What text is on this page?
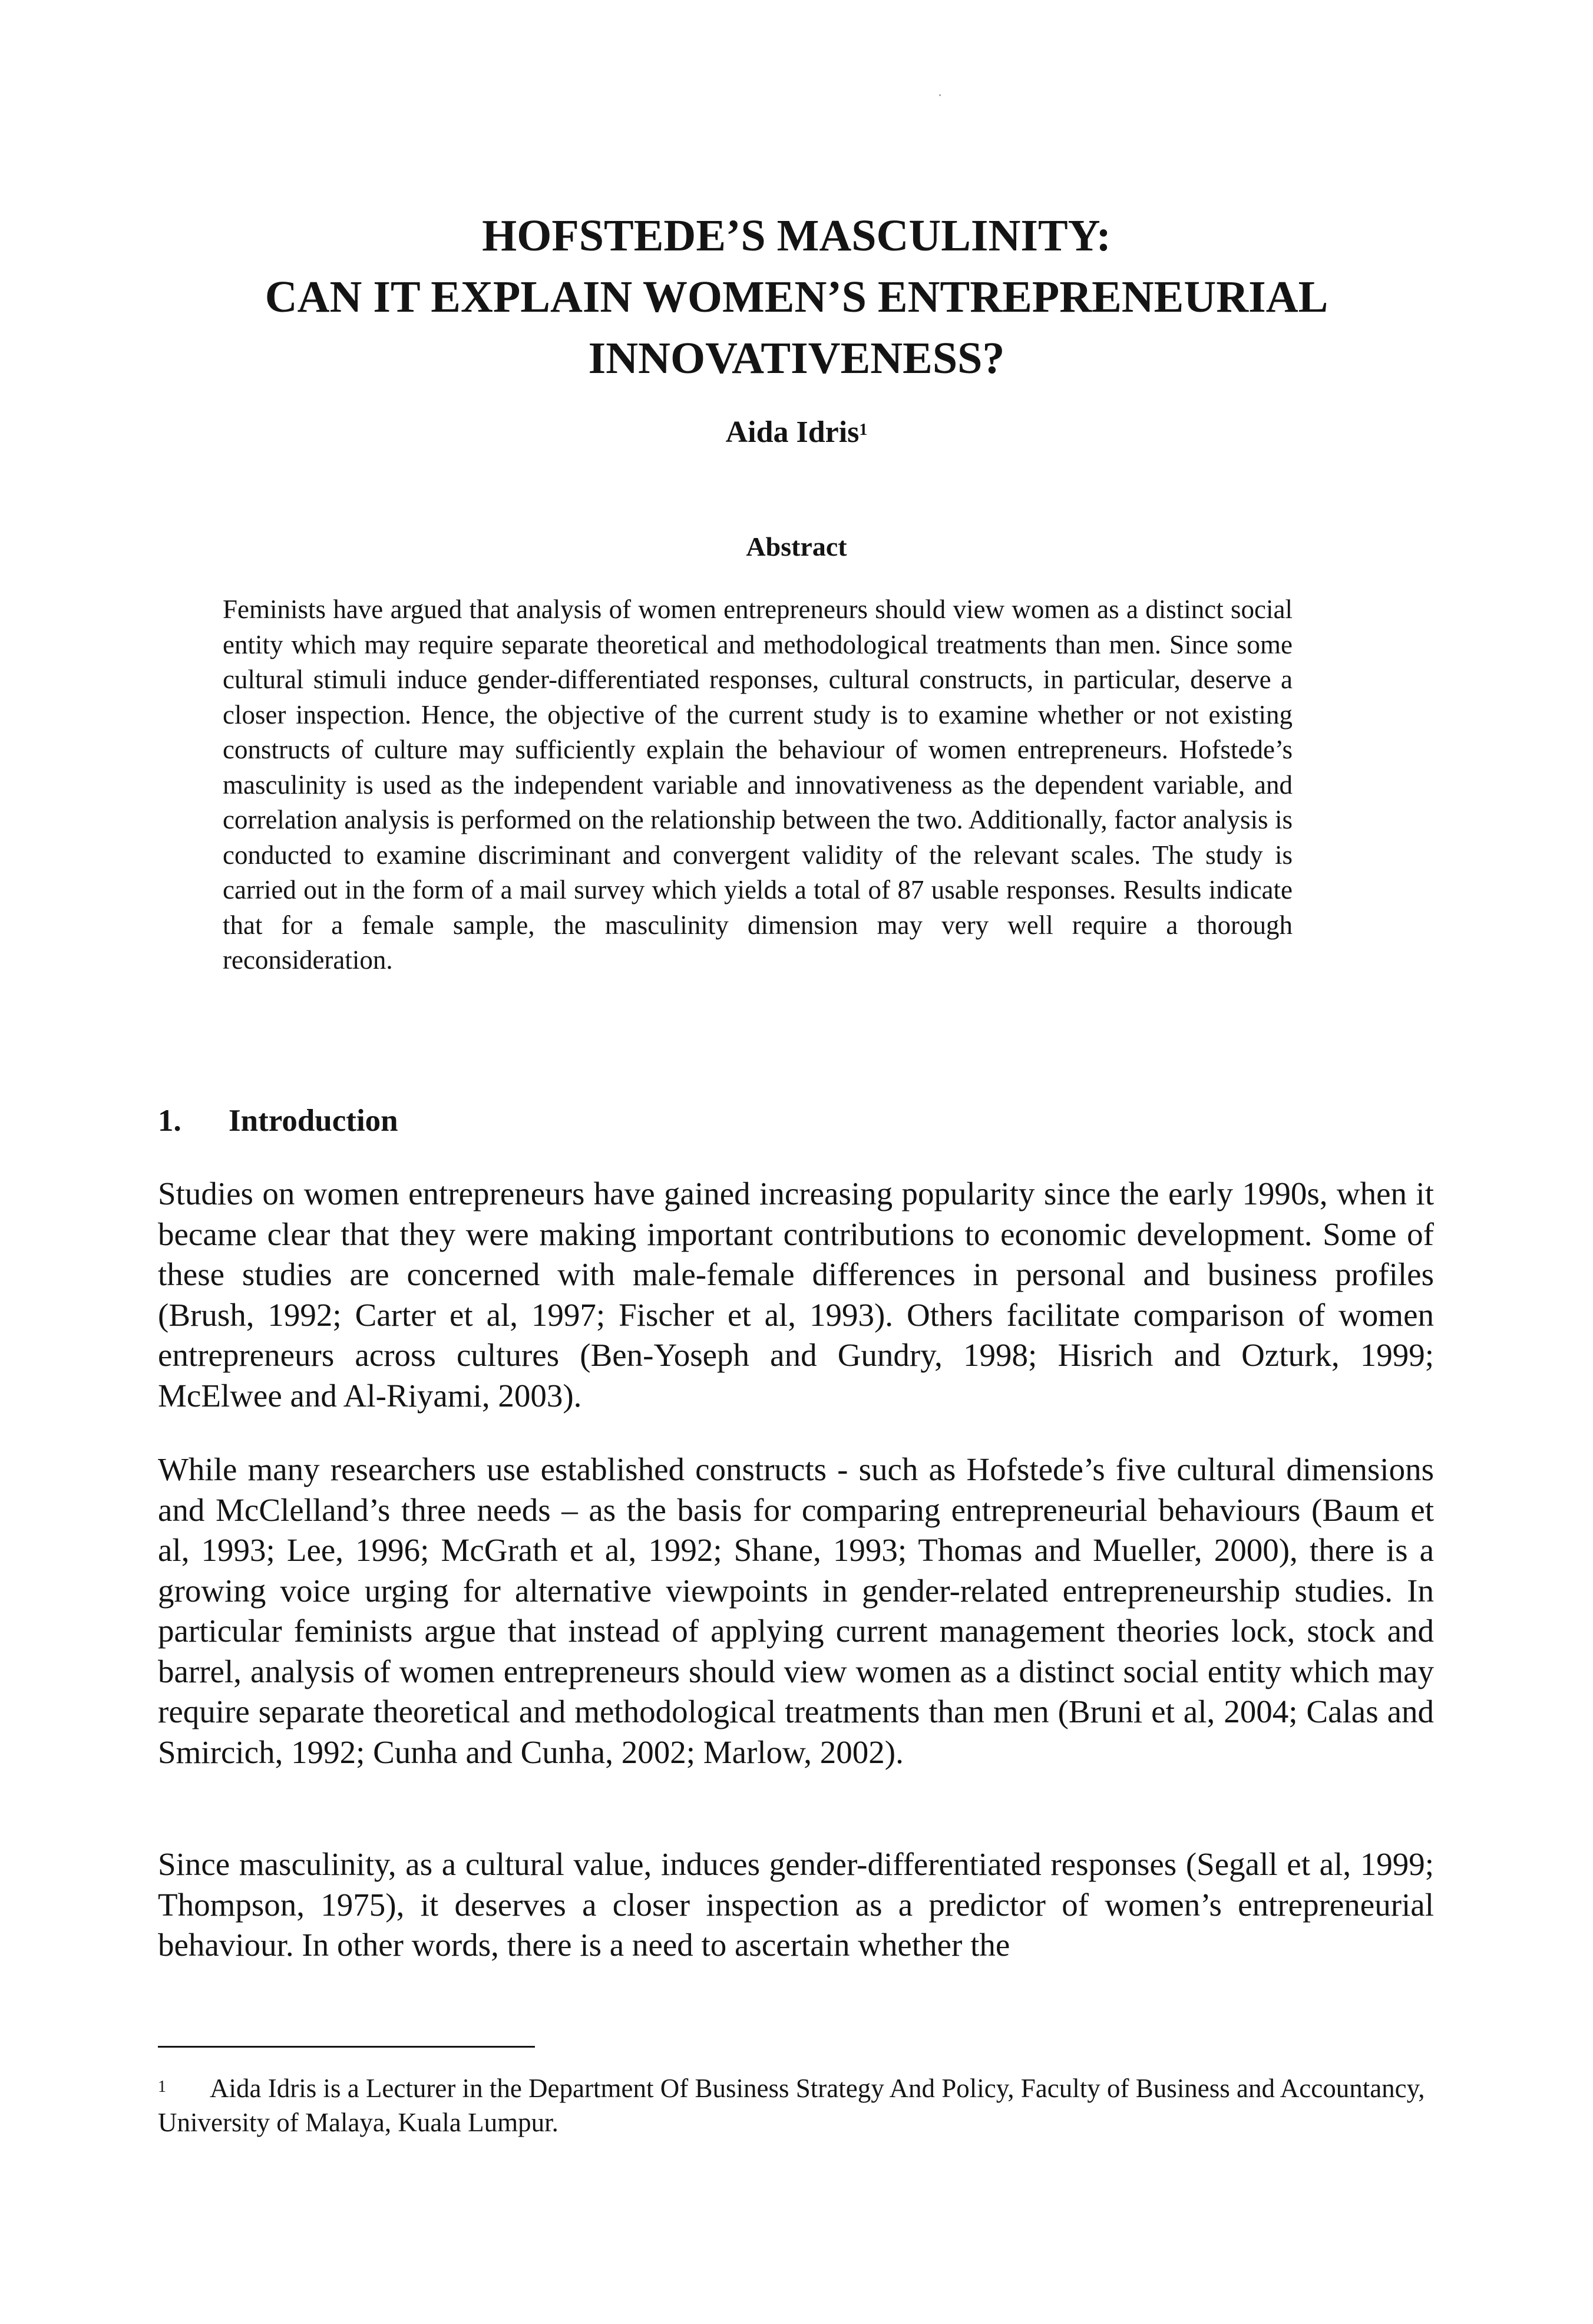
HOFSTEDE’S MASCULINITY:
CAN IT EXPLAIN WOMEN’S ENTREPRENEURIAL
INNOVATIVENESS?
Aida Idris$^1$
Abstract
Feminists have argued that analysis of women entrepreneurs should view women as a distinct social entity which may require separate theoretical and methodological treatments than men. Since some cultural stimuli induce gender-differentiated responses, cultural constructs, in particular, deserve a closer inspection. Hence, the objective of the current study is to examine whether or not existing constructs of culture may sufficiently explain the behaviour of women entrepreneurs. Hofstede’s masculinity is used as the independent variable and innovativeness as the dependent variable, and correlation analysis is performed on the relationship between the two. Additionally, factor analysis is conducted to examine discriminant and convergent validity of the relevant scales. The study is carried out in the form of a mail survey which yields a total of 87 usable responses. Results indicate that for a female sample, the masculinity dimension may very well require a thorough reconsideration.
1. Introduction
Studies on women entrepreneurs have gained increasing popularity since the early 1990s, when it became clear that they were making important contributions to economic development. Some of these studies are concerned with male-female differences in personal and business profiles (Brush, 1992; Carter et al, 1997; Fischer et al, 1993). Others facilitate comparison of women entrepreneurs across cultures (Ben-Yoseph and Gundry, 1998; Hisrich and Ozturk, 1999; McElwee and Al-Riyami, 2003).
While many researchers use established constructs - such as Hofstede’s five cultural dimensions and McClelland’s three needs – as the basis for comparing entrepreneurial behaviours (Baum et al, 1993; Lee, 1996; McGrath et al, 1992; Shane, 1993; Thomas and Mueller, 2000), there is a growing voice urging for alternative viewpoints in gender-related entrepreneurship studies. In particular feminists argue that instead of applying current management theories lock, stock and barrel, analysis of women entrepreneurs should view women as a distinct social entity which may require separate theoretical and methodological treatments than men (Bruni et al, 2004; Calas and Smircich, 1992; Cunha and Cunha, 2002; Marlow, 2002).
Since masculinity, as a cultural value, induces gender-differentiated responses (Segall et al, 1999; Thompson, 1975), it deserves a closer inspection as a predictor of women’s entrepreneurial behaviour. In other words, there is a need to ascertain whether the
1 Aida Idris is a Lecturer in the Department Of Business Strategy And Policy, Faculty of Business and Accountancy, University of Malaya, Kuala Lumpur.
